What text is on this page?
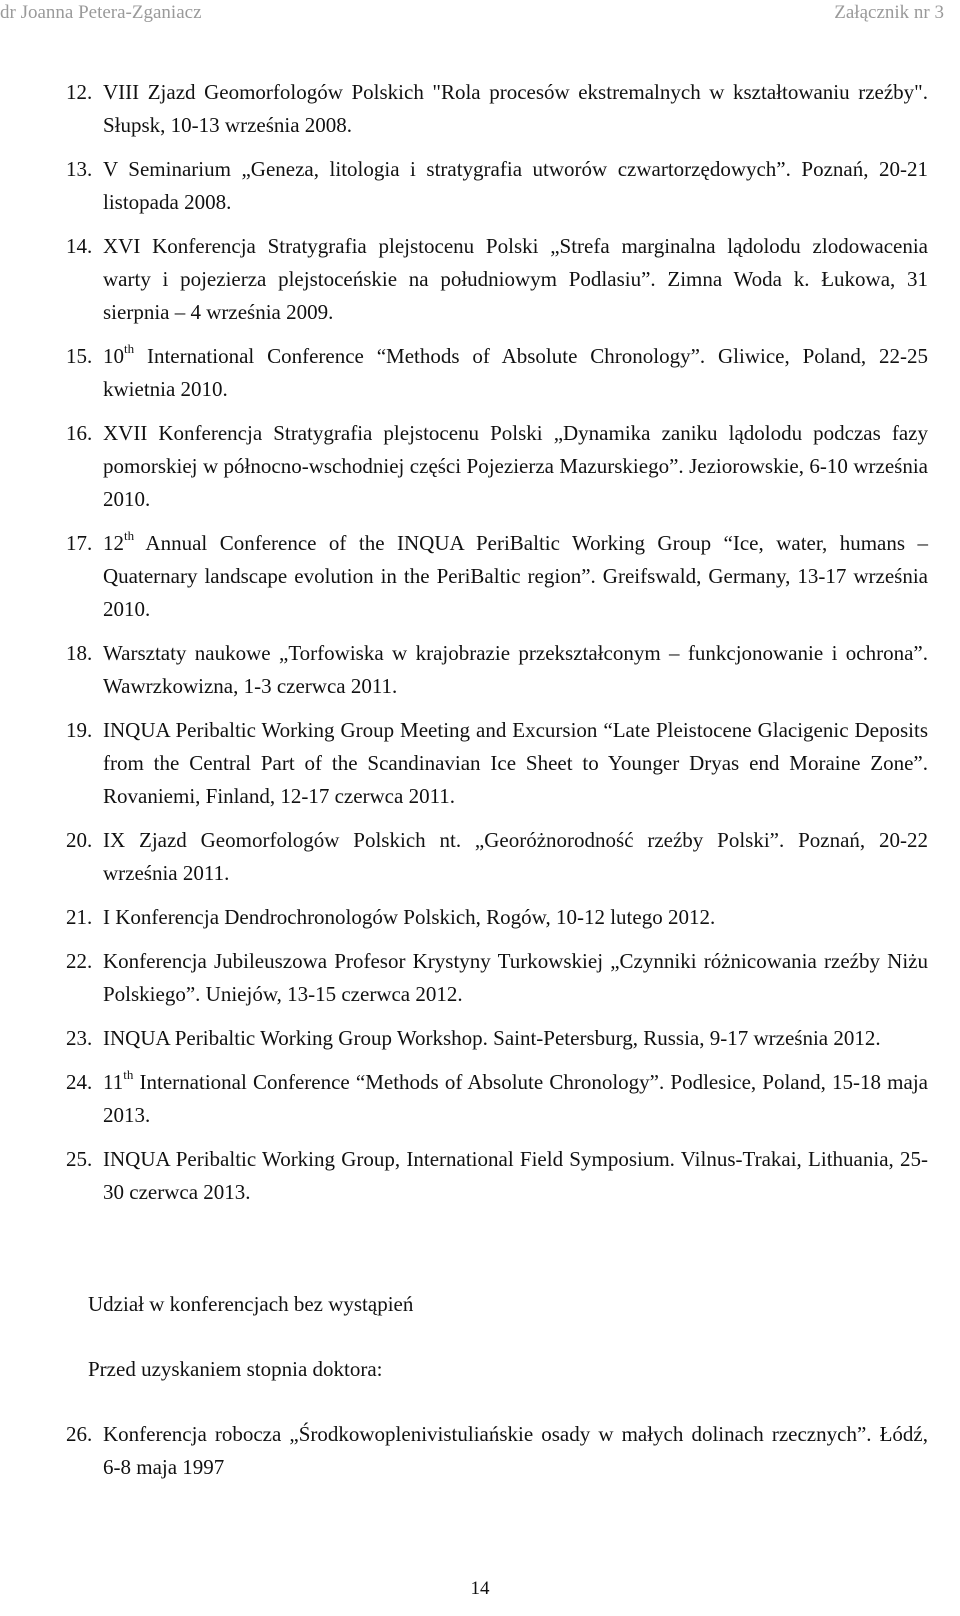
dr Joanna Petera-Zganiacz	Załącznik nr 3
12. VIII Zjazd Geomorfologów Polskich "Rola procesów ekstremalnych w kształtowaniu rzeźby". Słupsk, 10-13 września 2008.
13. V Seminarium „Geneza, litologia i stratygrafia utworów czwartorzędowych”. Poznań, 20-21 listopada 2008.
14. XVI Konferencja Stratygrafia plejstocenu Polski „Strefa marginalna lądolodu zlodowacenia warty i pojezierza plejstoceńskie na południowym Podlasiu”. Zimna Woda k. Łukowa, 31 sierpnia – 4 września 2009.
15. 10th International Conference “Methods of Absolute Chronology”. Gliwice, Poland, 22-25 kwietnia 2010.
16. XVII Konferencja Stratygrafia plejstocenu Polski „Dynamika zaniku lądolodu podczas fazy pomorskiej w północno-wschodniej części Pojezierza Mazurskiego”. Jeziorowskie, 6-10 września 2010.
17. 12th Annual Conference of the INQUA PeriBaltic Working Group “Ice, water, humans – Quaternary landscape evolution in the PeriBaltic region”. Greifswald, Germany, 13-17 września 2010.
18. Warsztaty naukowe „Torfowiska w krajobrazie przekształconym – funkcjonowanie i ochrona”. Wawrzkowizna, 1-3 czerwca 2011.
19. INQUA Peribaltic Working Group Meeting and Excursion “Late Pleistocene Glacigenic Deposits from the Central Part of the Scandinavian Ice Sheet to Younger Dryas end Moraine Zone”. Rovaniemi, Finland, 12-17 czerwca 2011.
20. IX Zjazd Geomorfologów Polskich nt. „Georóżnorodność rzeźby Polski”. Poznań, 20-22 września 2011.
21. I Konferencja Dendrochronologów Polskich, Rogów, 10-12 lutego 2012.
22. Konferencja Jubileuszowa Profesor Krystyny Turkowskiej „Czynniki różnicowania rzeźby Niżu Polskiego”. Uniejów, 13-15 czerwca 2012.
23. INQUA Peribaltic Working Group Workshop. Saint-Petersburg, Russia, 9-17 września 2012.
24. 11th International Conference “Methods of Absolute Chronology”. Podlesice, Poland, 15-18 maja 2013.
25. INQUA Peribaltic Working Group, International Field Symposium. Vilnus-Trakai, Lithuania, 25-30 czerwca 2013.
Udział w konferencjach bez wystąpień
Przed uzyskaniem stopnia doktora:
26. Konferencja robocza „Środkowoplenivistuliańskie osady w małych dolinach rzecznych”. Łódź, 6-8 maja 1997
14
